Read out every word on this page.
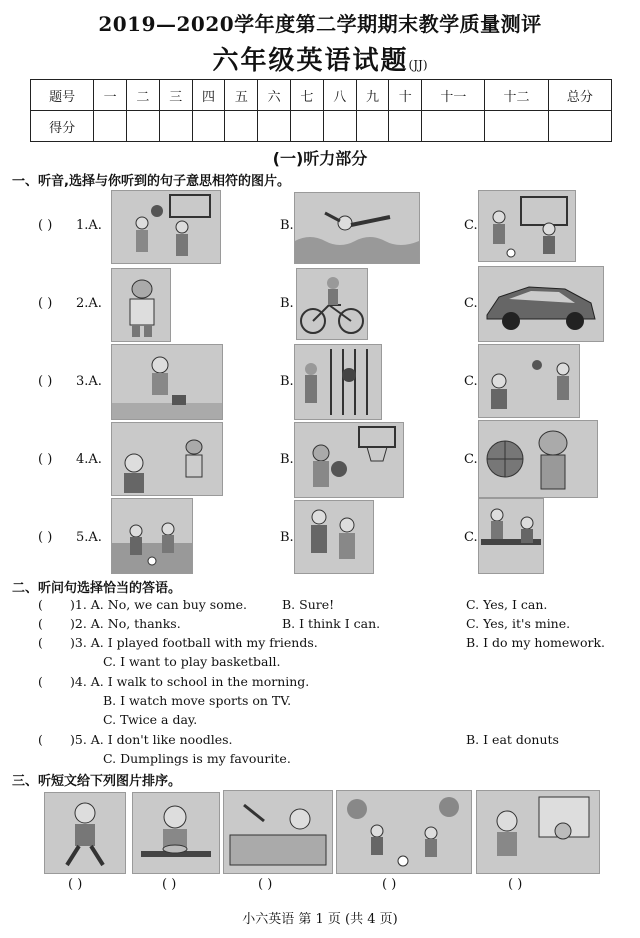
2019—2020学年度第二学期期末教学质量测评
六年级英语试题(JJ)
题号	一	二	三	四	五	六	七	八	九	十	十一	十二	总分
得分													
(一)听力部分
一、听音,选择与你听到的句子意思相符的图片。
( ) 1.A.	B.	C.
( ) 2.A.	B.	C.
( ) 3.A.	B.	C.
( ) 4.A.	B.	C.
( ) 5.A.	B.	C.
二、听问句选择恰当的答语。
( )1. A. No, we can buy some.	B. Sure!	C. Yes, I can.
( )2. A. No, thanks.	B. I think I can.	C. Yes, it's mine.
( )3. A. I played football with my friends.	B. I do my homework.
C. I want to play basketball.
( )4. A. I walk to school in the morning.
B. I watch move sports on TV.
C. Twice a day.
( )5. A. I don't like noodles.	B. I eat donuts
C. Dumplings is my favourite.
三、听短文给下列图片排序。
( )	( )	( )	( )	( )
小六英语 第 1 页 (共 4 页)
